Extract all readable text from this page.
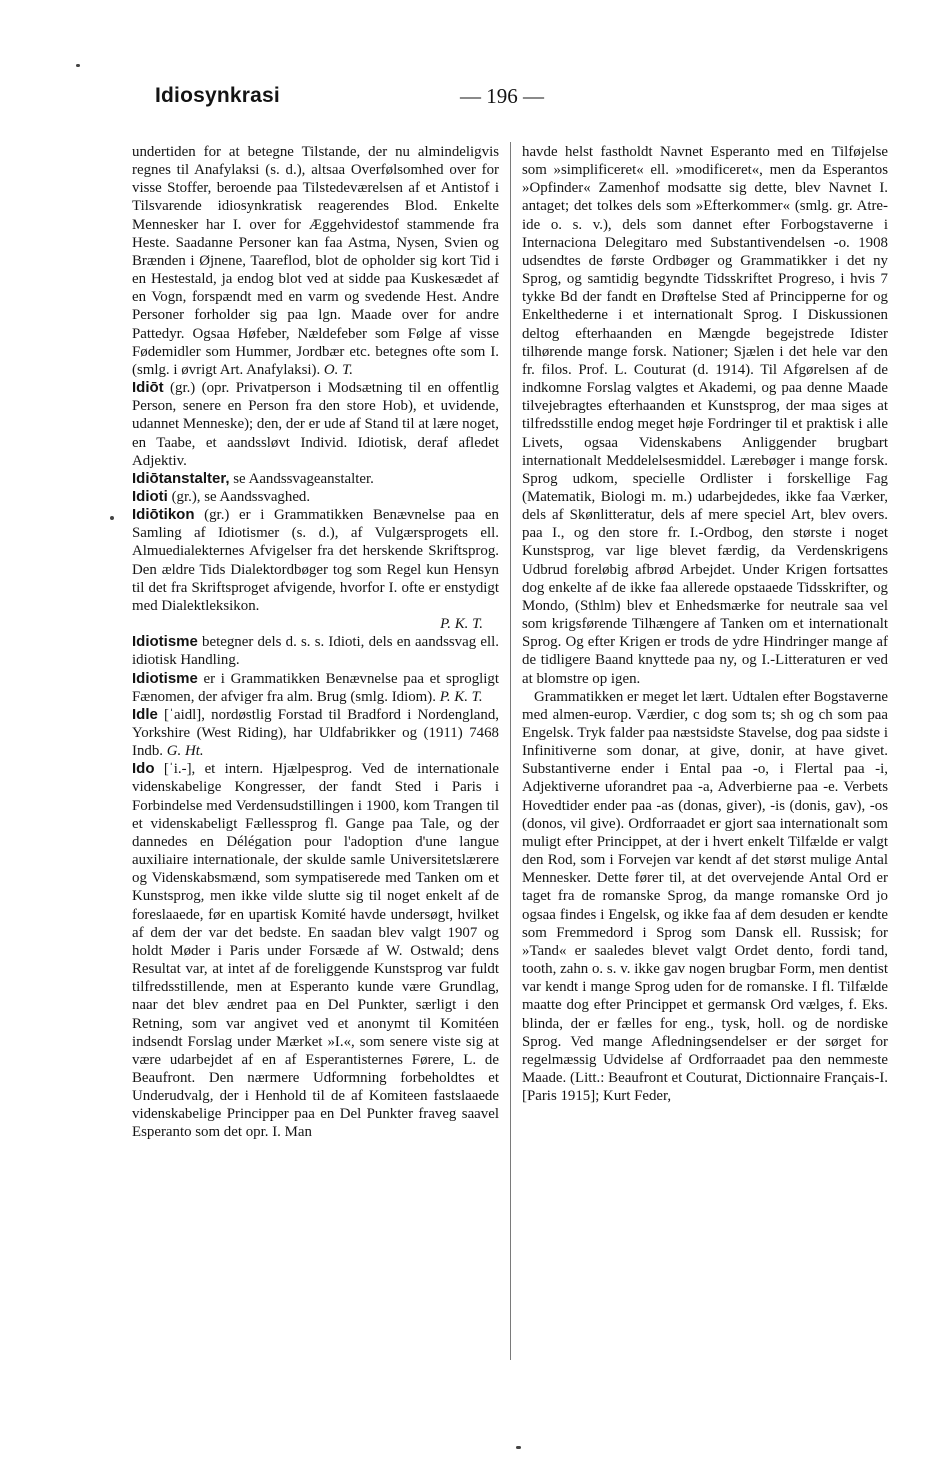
Idiosynkrasi	— 196 —

undertiden for at betegne Tilstande, der nu almindeligvis regnes til Anafylaksi (s. d.), altsaa Overfølsomhed over for visse Stoffer, beroende paa Tilstedeværelsen af et Antistof i Tilsvarende idiosynkratisk reagerendes Blod. Enkelte Mennesker har I. over for Æggehvidestof stammende fra Heste. Saadanne Personer kan faa Astma, Nysen, Svien og Brænden i Øjnene, Taareflod, blot de opholder sig kort Tid i en Hestestald, ja endog blot ved at sidde paa Kuskesædet af en Vogn, forspændt med en varm og svedende Hest. Andre Personer forholder sig paa lgn. Maade over for andre Pattedyr. Ogsaa Høfeber, Nældefeber som Følge af visse Fødemidler som Hummer, Jordbær etc. betegnes ofte som I. (smlg. i øvrigt Art. Anafylaksi). O. T.

Idiōt (gr.) (opr. Privatperson i Modsætning til en offentlig Person, senere en Person fra den store Hob), et uvidende, udannet Menneske); den, der er ude af Stand til at lære noget, en Taabe, et aandssløvt Individ. Idiotisk, deraf afledet Adjektiv.

Idiōtanstalter, se Aandssvageanstalter.

Idioti (gr.), se Aandssvaghed.

Idiōtikon (gr.) er i Grammatikken Benævnelse paa en Samling af Idiotismer (s. d.), af Vulgærsprogets ell. Almuedialekternes Afvigelser fra det herskende Skriftsprog. Den ældre Tids Dialektordbøger tog som Regel kun Hensyn til det fra Skriftsproget afvigende, hvorfor I. ofte er enstydigt med Dialektleksikon.

P. K. T.

Idiotisme betegner dels d. s. s. Idioti, dels en aandssvag ell. idiotisk Handling.

Idiotisme er i Grammatikken Benævnelse paa et sprogligt Fænomen, der afviger fra alm. Brug (smlg. Idiom). P. K. T.

Idle [ˈaidl], nordøstlig Forstad til Bradford i Nordengland, Yorkshire (West Riding), har Uldfabrikker og (1911) 7468 Indb. G. Ht.

Ido [ˈi.-], et intern. Hjælpesprog. Ved de internationale videnskabelige Kongresser, der fandt Sted i Paris i Forbindelse med Verdensudstillingen i 1900, kom Trangen til et videnskabeligt Fællessprog fl. Gange paa Tale, og der dannedes en Délégation pour l'adoption d'une langue auxiliaire internationale, der skulde samle Universitetslærere og Videnskabsmænd, som sympatiserede med Tanken om et Kunstsprog, men ikke vilde slutte sig til noget enkelt af de foreslaaede, før en upartisk Komité havde undersøgt, hvilket af dem der var det bedste. En saadan blev valgt 1907 og holdt Møder i Paris under Forsæde af W. Ostwald; dens Resultat var, at intet af de foreliggende Kunstsprog var fuldt tilfredsstillende, men at Esperanto kunde være Grundlag, naar det blev ændret paa en Del Punkter, særligt i den Retning, som var angivet ved et anonymt til Komitéen indsendt Forslag under Mærket »I.«, som senere viste sig at være udarbejdet af en af Esperantisternes Førere, L. de Beaufront. Den nærmere Udformning forbeholdtes et Underudvalg, der i Henhold til de af Komiteen fastslaaede videnskabelige Principper paa en Del Punkter fraveg saavel Esperanto som det opr. I. Man

havde helst fastholdt Navnet Esperanto med en Tilføjelse som »simplificeret« ell. »modificeret«, men da Esperantos »Opfinder« Zamenhof modsatte sig dette, blev Navnet I. antaget; det tolkes dels som »Efterkommer« (smlg. gr. Atre-ide o. s. v.), dels som dannet efter Forbogstaverne i Internaciona Delegitaro med Substantivendelsen -o. 1908 udsendtes de første Ordbøger og Grammatikker i det ny Sprog, og samtidig begyndte Tidsskriftet Progreso, i hvis 7 tykke Bd der fandt en Drøftelse Sted af Principperne for og Enkelthederne i et internationalt Sprog. I Diskussionen deltog efterhaanden en Mængde begejstrede Idister tilhørende mange forsk. Nationer; Sjælen i det hele var den fr. filos. Prof. L. Couturat (d. 1914). Til Afgørelsen af de indkomne Forslag valgtes et Akademi, og paa denne Maade tilvejebragtes efterhaanden et Kunstsprog, der maa siges at tilfredsstille endog meget høje Fordringer til et praktisk i alle Livets, ogsaa Videnskabens Anliggender brugbart internationalt Meddelelsesmiddel. Lærebøger i mange forsk. Sprog udkom, specielle Ordlister i forskellige Fag (Matematik, Biologi m. m.) udarbejdedes, ikke faa Værker, dels af Skønlitteratur, dels af mere speciel Art, blev overs. paa I., og den store fr. I.-Ordbog, den største i noget Kunstsprog, var lige blevet færdig, da Verdenskrigens Udbrud foreløbig afbrød Arbejdet. Under Krigen fortsattes dog enkelte af de ikke faa allerede opstaaede Tidsskrifter, og Mondo, (Sthlm) blev et Enhedsmærke for neutrale saa vel som krigsførende Tilhængere af Tanken om et internationalt Sprog. Og efter Krigen er trods de ydre Hindringer mange af de tidligere Baand knyttede paa ny, og I.-Litteraturen er ved at blomstre op igen.

Grammatikken er meget let lært. Udtalen efter Bogstaverne med almen-europ. Værdier, c dog som ts; sh og ch som paa Engelsk. Tryk falder paa næstsidste Stavelse, dog paa sidste i Infinitiverne som donar, at give, donir, at have givet. Substantiverne ender i Ental paa -o, i Flertal paa -i, Adjektiverne uforandret paa -a, Adverbierne paa -e. Verbets Hovedtider ender paa -as (donas, giver), -is (donis, gav), -os (donos, vil give). Ordforraadet er gjort saa internationalt som muligt efter Princippet, at der i hvert enkelt Tilfælde er valgt den Rod, som i Forvejen var kendt af det størst mulige Antal Mennesker. Dette fører til, at det overvejende Antal Ord er taget fra de romanske Sprog, da mange romanske Ord jo ogsaa findes i Engelsk, og ikke faa af dem desuden er kendte som Fremmedord i Sprog som Dansk ell. Russisk; for »Tand« er saaledes blevet valgt Ordet dento, fordi tand, tooth, zahn o. s. v. ikke gav nogen brugbar Form, men dentist var kendt i mange Sprog uden for de romanske. I fl. Tilfælde maatte dog efter Princippet et germansk Ord vælges, f. Eks. blinda, der er fælles for eng., tysk, holl. og de nordiske Sprog. Ved mange Afledningsendelser er der sørget for regelmæssig Udvidelse af Ordforraadet paa den nemmeste Maade. (Litt.: Beaufront et Couturat, Dictionnaire Français-I. [Paris 1915]; Kurt Feder,
